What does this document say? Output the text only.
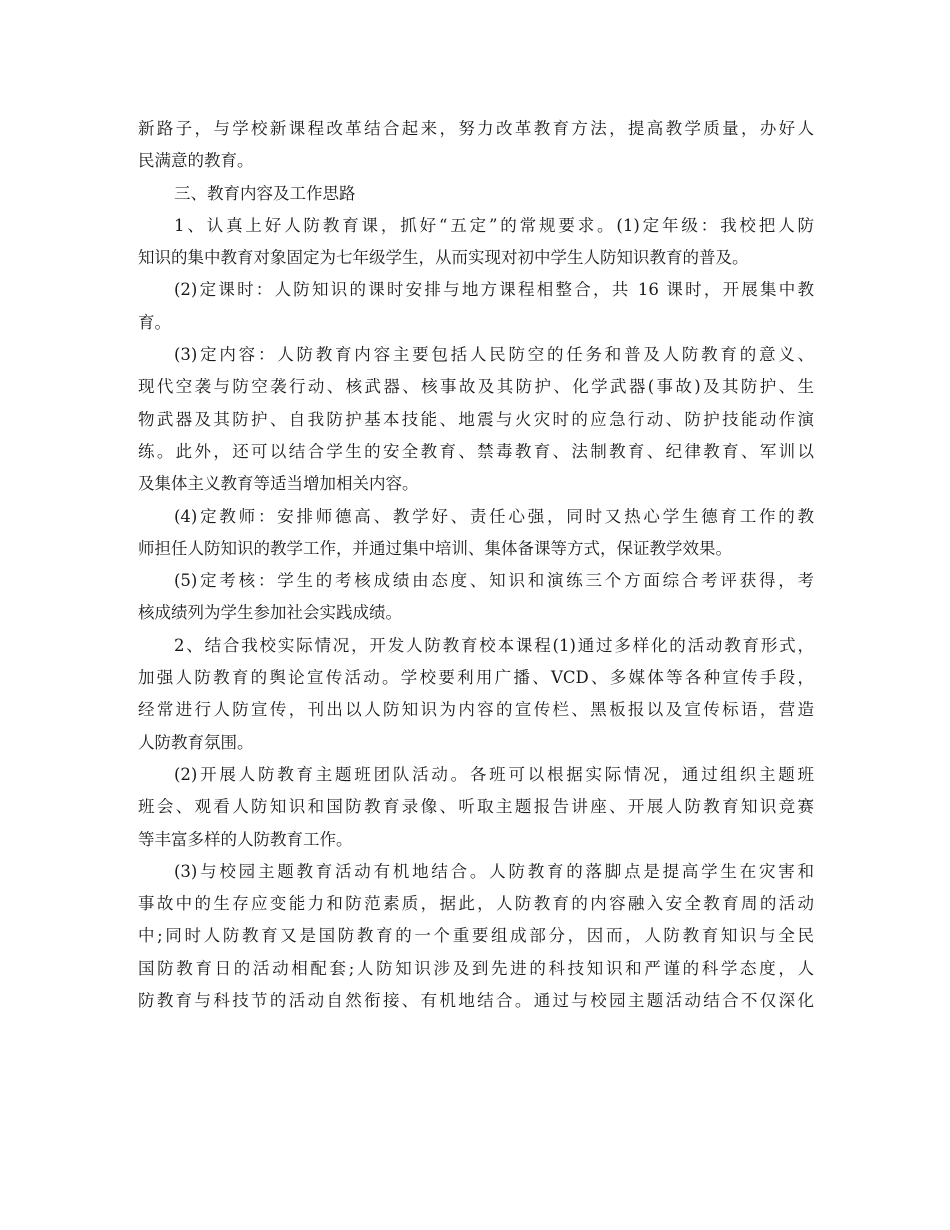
新路子，与学校新课程改革结合起来，努力改革教育方法，提高教学质量，办好人
民满意的教育。
三、教育内容及工作思路
1、认真上好人防教育课，抓好“五定”的常规要求。(1)定年级：我校把人防
知识的集中教育对象固定为七年级学生，从而实现对初中学生人防知识教育的普及。
(2)定课时：人防知识的课时安排与地方课程相整合，共 16 课时，开展集中教
育。
(3)定内容：人防教育内容主要包括人民防空的任务和普及人防教育的意义、
现代空袭与防空袭行动、核武器、核事故及其防护、化学武器(事故)及其防护、生
物武器及其防护、自我防护基本技能、地震与火灾时的应急行动、防护技能动作演
练。此外，还可以结合学生的安全教育、禁毒教育、法制教育、纪律教育、军训以
及集体主义教育等适当增加相关内容。
(4)定教师：安排师德高、教学好、责任心强，同时又热心学生德育工作的教
师担任人防知识的教学工作，并通过集中培训、集体备课等方式，保证教学效果。
(5)定考核：学生的考核成绩由态度、知识和演练三个方面综合考评获得，考
核成绩列为学生参加社会实践成绩。
2、结合我校实际情况，开发人防教育校本课程(1)通过多样化的活动教育形式，
加强人防教育的舆论宣传活动。学校要利用广播、VCD、多媒体等各种宣传手段，
经常进行人防宣传，刊出以人防知识为内容的宣传栏、黑板报以及宣传标语，营造
人防教育氛围。
(2)开展人防教育主题班团队活动。各班可以根据实际情况，通过组织主题班
班会、观看人防知识和国防教育录像、听取主题报告讲座、开展人防教育知识竞赛
等丰富多样的人防教育工作。
(3)与校园主题教育活动有机地结合。人防教育的落脚点是提高学生在灾害和
事故中的生存应变能力和防范素质，据此，人防教育的内容融入安全教育周的活动
中;同时人防教育又是国防教育的一个重要组成部分，因而，人防教育知识与全民
国防教育日的活动相配套;人防知识涉及到先进的科技知识和严谨的科学态度，人
防教育与科技节的活动自然衔接、有机地结合。通过与校园主题活动结合不仅深化
